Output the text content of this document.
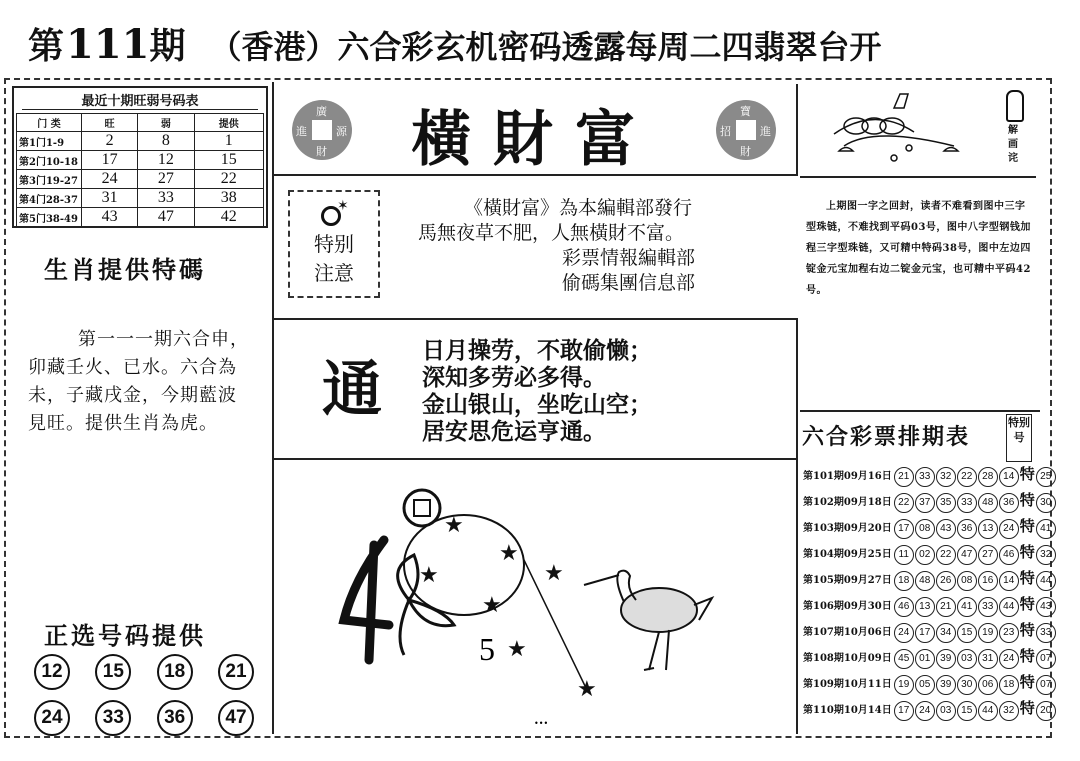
第111期 （香港）六合彩玄机密码透露每周二四翡翠台开
最近十期旺弱号码表
门 类	旺	弱	提供
第1门1-9	2	8	1
第2门10-18	17	12	15
第3门19-27	24	27	22
第4门28-37	31	33	38
第5门38-49	43	47	42
生肖提供特碼
第一一一期六合申，卯藏壬火、已水。六合為未，子藏戌金，今期藍波見旺。提供生肖為虎。
正选号码提供
12	15	18	21
24	33	36	47
廣
進	源
財	橫財富	寶
招	進
財
✶
特别
注意
《橫財富》為本編輯部發行
馬無夜草不肥，人無橫財不富。
彩票情報編輯部
偷碼集團信息部
通
日月操劳，不敢偷懒；
深知多劳必多得。
金山银山，坐吃山空；
居安思危运亨通。
5
★
★
★
★
★
★
★
•••
解画诧
上期图一字之回封，读者不难看到图中三字型珠链，不难找到平码03号，图中八字型钢钱加程三字型珠链，又可精中特码38号，图中左边四锭金元宝加程右边二锭金元宝，也可精中平码42号。
六合彩票排期表
特别号
第101期09月16日 21 33 32 22 28 14 特 25
第102期09月18日 22 37 35 33 48 36 特 30
第103期09月20日 17 08 43 36 13 24 特 41
第104期09月25日 11 02 22 47 27 46 特 32
第105期09月27日 18 48 26 08 16 14 特 44
第106期09月30日 46 13 21 41 33 44 特 43
第107期10月06日 24 17 34 15 19 23 特 33
第108期10月09日 45 01 39 03 31 24 特 07
第109期10月11日 19 05 39 30 06 18 特 07
第110期10月14日 17 24 03 15 44 32 特 20
